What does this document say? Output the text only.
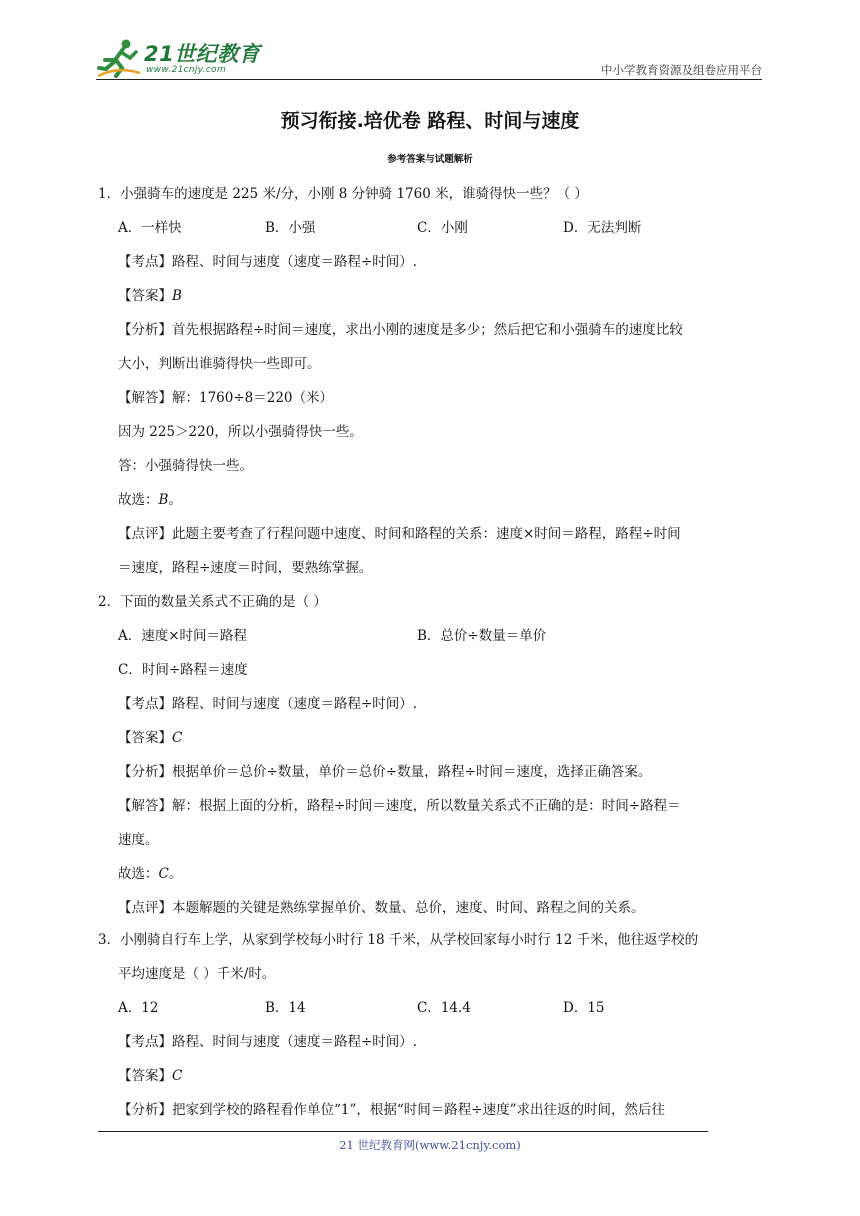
21世纪教育
www.21cnjy.com	中小学教育资源及组卷应用平台
预习衔接.培优卷 路程、时间与速度
参考答案与试题解析
1．小强骑车的速度是 225 米/分，小刚 8 分钟骑 1760 米，谁骑得快一些？（ ）
A．一样快	B．小强	C．小刚	D．无法判断
【考点】路程、时间与速度（速度＝路程÷时间）.
【答案】B
【分析】首先根据路程÷时间＝速度，求出小刚的速度是多少；然后把它和小强骑车的速度比较
大小，判断出谁骑得快一些即可。
【解答】解：1760÷8＝220（米）
因为 225＞220，所以小强骑得快一些。
答：小强骑得快一些。
故选：B。
【点评】此题主要考查了行程问题中速度、时间和路程的关系：速度×时间＝路程，路程÷时间
＝速度，路程÷速度＝时间，要熟练掌握。
2．下面的数量关系式不正确的是（ ）
A．速度×时间＝路程	B．总价÷数量＝单价
C．时间÷路程＝速度
【考点】路程、时间与速度（速度＝路程÷时间）.
【答案】C
【分析】根据单价＝总价÷数量，单价＝总价÷数量，路程÷时间＝速度，选择正确答案。
【解答】解：根据上面的分析，路程÷时间＝速度，所以数量关系式不正确的是：时间÷路程＝
速度。
故选：C。
【点评】本题解题的关键是熟练掌握单价、数量、总价，速度、时间、路程之间的关系。
3．小刚骑自行车上学，从家到学校每小时行 18 千米，从学校回家每小时行 12 千米，他往返学校的
平均速度是（ ）千米/时。
A．12	B．14	C．14.4	D．15
【考点】路程、时间与速度（速度＝路程÷时间）.
【答案】C
【分析】把家到学校的路程看作单位“1”，根据“时间＝路程÷速度”求出往返的时间，然后往
21 世纪教育网(www.21cnjy.com)
